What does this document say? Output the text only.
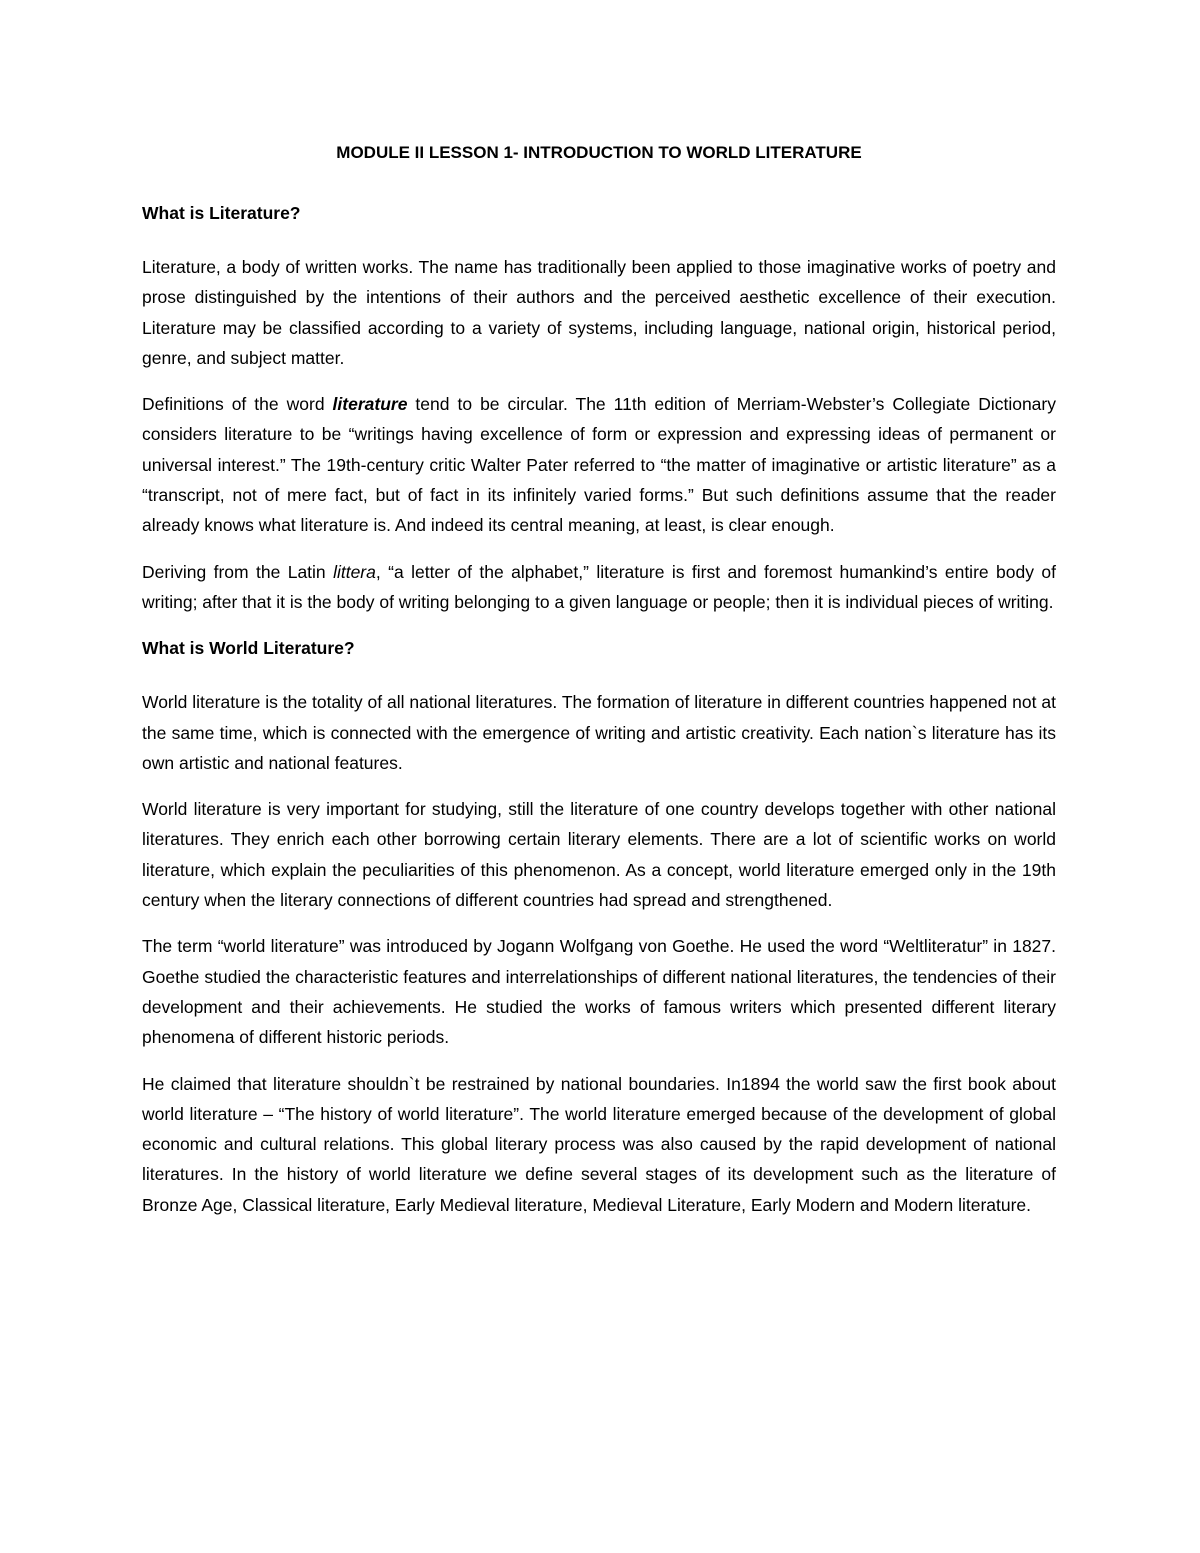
MODULE II LESSON 1- INTRODUCTION TO WORLD LITERATURE
What is Literature?

Literature, a body of written works. The name has traditionally been applied to those imaginative works of poetry and prose distinguished by the intentions of their authors and the perceived aesthetic excellence of their execution. Literature may be classified according to a variety of systems, including language, national origin, historical period, genre, and subject matter.

Definitions of the word literature tend to be circular. The 11th edition of Merriam-Webster’s Collegiate Dictionary considers literature to be “writings having excellence of form or expression and expressing ideas of permanent or universal interest.” The 19th-century critic Walter Pater referred to “the matter of imaginative or artistic literature” as a “transcript, not of mere fact, but of fact in its infinitely varied forms.” But such definitions assume that the reader already knows what literature is. And indeed its central meaning, at least, is clear enough.

Deriving from the Latin littera, “a letter of the alphabet,” literature is first and foremost humankind’s entire body of writing; after that it is the body of writing belonging to a given language or people; then it is individual pieces of writing.

What is World Literature?

World literature is the totality of all national literatures. The formation of literature in different countries happened not at the same time, which is connected with the emergence of writing and artistic creativity. Each nation`s literature has its own artistic and national features.

World literature is very important for studying, still the literature of one country develops together with other national literatures. They enrich each other borrowing certain literary elements. There are a lot of scientific works on world literature, which explain the peculiarities of this phenomenon. As a concept, world literature emerged only in the 19th century when the literary connections of different countries had spread and strengthened.

The term “world literature” was introduced by Jogann Wolfgang von Goethe. He used the word “Weltliteratur” in 1827. Goethe studied the characteristic features and interrelationships of different national literatures, the tendencies of their development and their achievements. He studied the works of famous writers which presented different literary phenomena of different historic periods.

He claimed that literature shouldn`t be restrained by national boundaries. In1894 the world saw the first book about world literature – “The history of world literature”. The world literature emerged because of the development of global economic and cultural relations. This global literary process was also caused by the rapid development of national literatures. In the history of world literature we define several stages of its development such as the literature of Bronze Age, Classical literature, Early Medieval literature, Medieval Literature, Early Modern and Modern literature.
